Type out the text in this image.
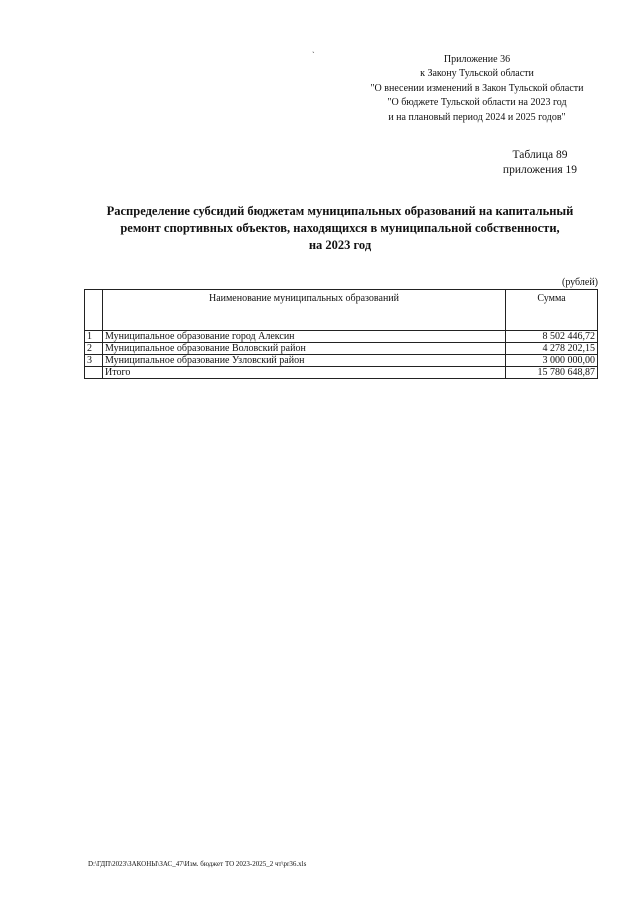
ˎ
Приложение 36
к Закону Тульской области
"О внесении изменений в Закон Тульской области
"О бюджете Тульской области на 2023 год
и на плановый период 2024 и 2025 годов"
Таблица 89
приложения 19
Распределение субсидий бюджетам муниципальных образований на капитальный
ремонт спортивных объектов, находящихся в муниципальной собственности,
на 2023 год
(рублей)
	Наименование муниципальных образований	Сумма
1	Муниципальное образование город Алексин	8 502 446,72
2	Муниципальное образование Воловский район	4 278 202,15
3	Муниципальное образование Узловский район	3 000 000,00
	Итого	15 780 648,87
D:\ГДП\2023\ЗАКОНЫ\ЗАС_47\Изм. бюджет ТО 2023-2025_2 чт\pr36.xls
